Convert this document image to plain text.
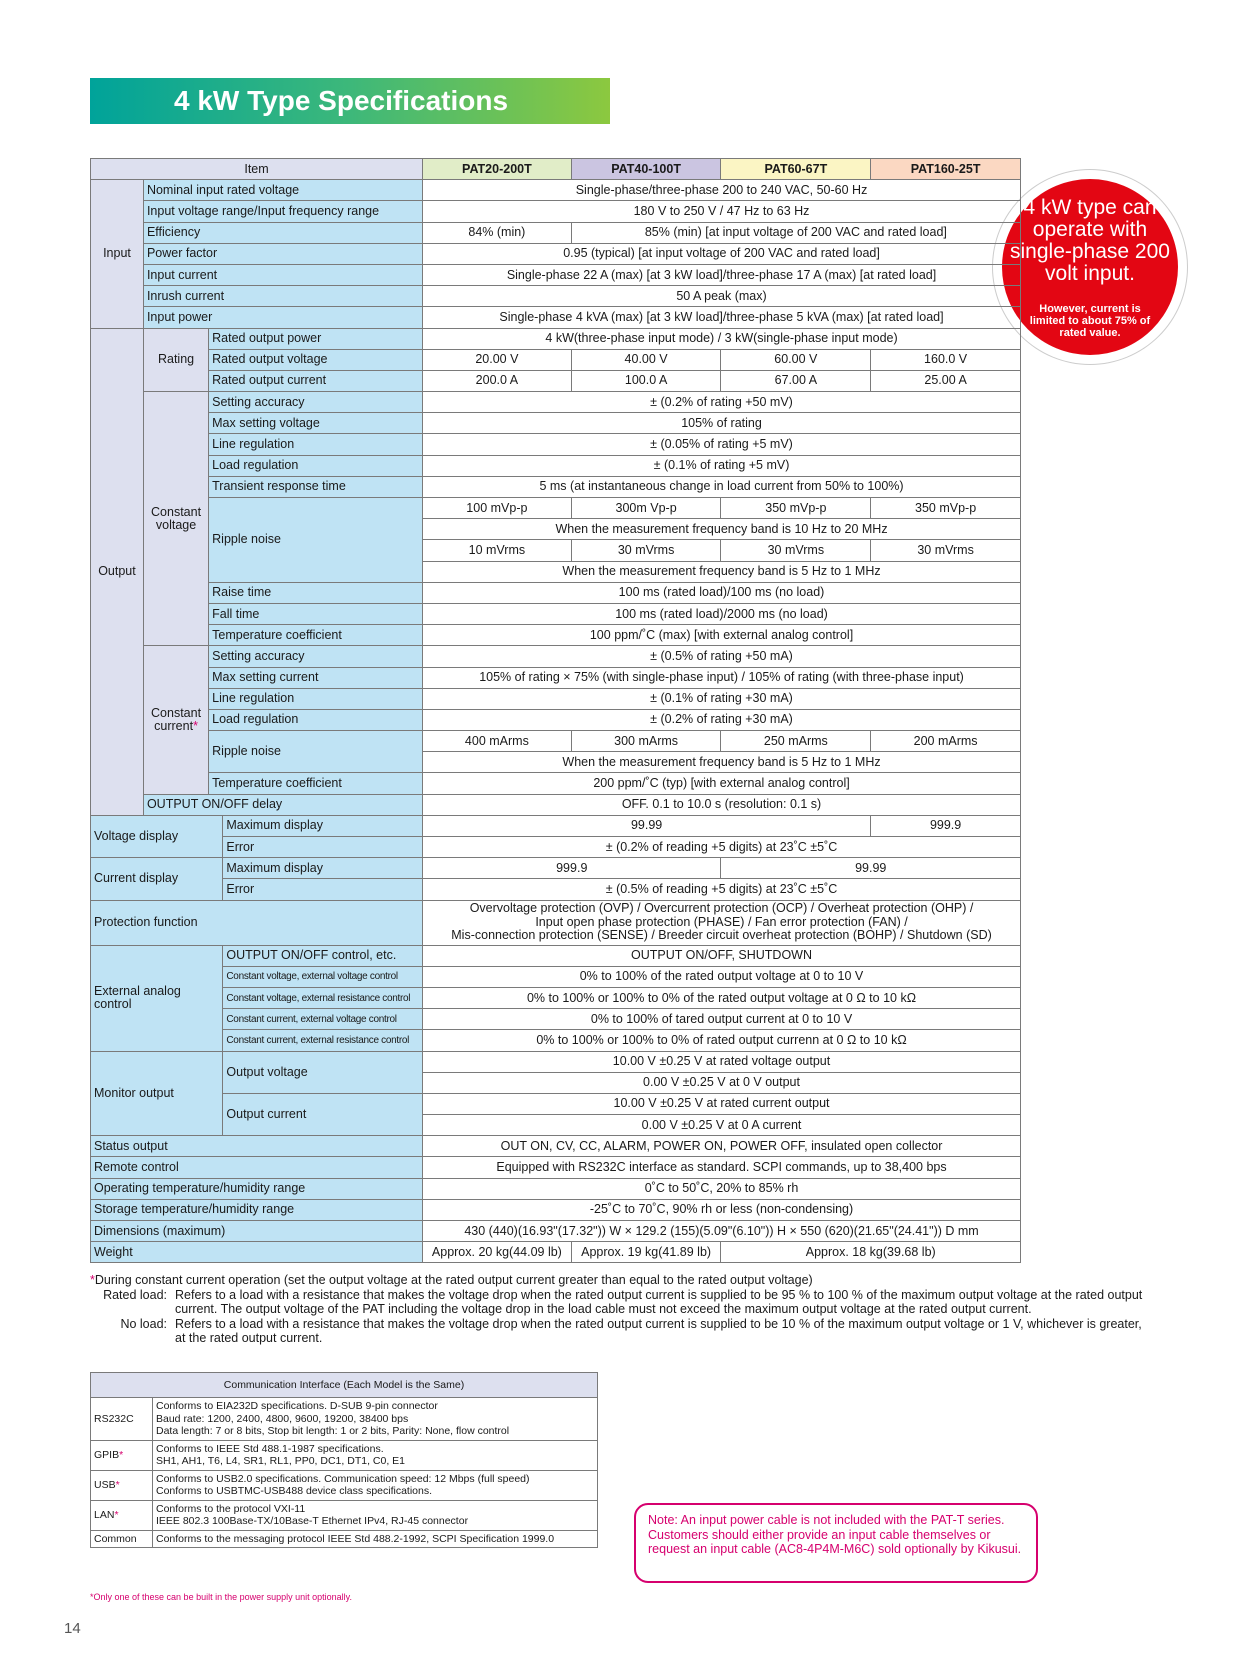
4 kW Type Specifications
4 kW type can operate with single-phase 200 volt input.
However, current is limited to about 75% of rated value.
Item				PAT20-200T	PAT40-100T	PAT60-67T	PAT160-25T
Input	Nominal input rated voltage			Single-phase/three-phase 200 to 240 VAC, 50-60 Hz			
	Input voltage range/Input frequency range			180 V to 250 V / 47 Hz to 63 Hz			
	Efficiency			84% (min)	85% (min) [at input voltage of 200 VAC and rated load]		
	Power factor			0.95 (typical) [at input voltage of 200 VAC and rated load]			
	Input current			Single-phase 22 A (max) [at 3 kW load]/three-phase 17 A (max) [at rated load]			
	Inrush current			50 A peak (max)			
	Input power			Single-phase 4 kVA (max) [at 3 kW load]/three-phase 5 kVA (max) [at rated load]			
Output	Rating	Rated output power		4 kW(three-phase input mode) / 3 kW(single-phase input mode)			
		Rated output voltage		20.00 V	40.00 V	60.00 V	160.0 V
		Rated output current		200.0 A	100.0 A	67.00 A	25.00 A
	Constant voltage	Setting accuracy		± (0.2% of rating +50 mV)			
		Max setting voltage		105% of rating			
		Line regulation		± (0.05% of rating +5 mV)			
		Load regulation		± (0.1% of rating +5 mV)			
		Transient response time		5 ms (at instantaneous change in load current from 50% to 100%)			
		Ripple noise		100 mVp-p	300m Vp-p	350 mVp-p	350 mVp-p
				When the measurement frequency band is 10 Hz to 20 MHz			
				10 mVrms	30 mVrms	30 mVrms	30 mVrms
				When the measurement frequency band is 5 Hz to 1 MHz			
		Raise time		100 ms (rated load)/100 ms (no load)			
		Fall time		100 ms (rated load)/2000 ms (no load)			
		Temperature coefficient		100 ppm/˚C (max) [with external analog control]			
	Constant current*	Setting accuracy		± (0.5% of rating +50 mA)			
		Max setting current		105% of rating × 75% (with single-phase input) / 105% of rating (with three-phase input)			
		Line regulation		± (0.1% of rating +30 mA)			
		Load regulation		± (0.2% of rating +30 mA)			
		Ripple noise		400 mArms	300 mArms	250 mArms	200 mArms
				When the measurement frequency band is 5 Hz to 1 MHz			
		Temperature coefficient		200 ppm/˚C (typ) [with external analog control]			
	OUTPUT ON/OFF delay			OFF. 0.1 to 10.0 s (resolution: 0.1 s)			
Voltage display			Maximum display	99.99			999.9
			Error	± (0.2% of reading +5 digits) at 23˚C ±5˚C			
Current display			Maximum display	999.9		99.99	
			Error	± (0.5% of reading +5 digits) at 23˚C ±5˚C			
Protection function				Overvoltage protection (OVP) / Overcurrent protection (OCP) / Overheat protection (OHP) /
Input open phase protection (PHASE) / Fan error protection (FAN) /
Mis-connection protection (SENSE) / Breeder circuit overheat protection (BOHP) / Shutdown (SD)			

External analog control			OUTPUT ON/OFF control, etc.	OUTPUT ON/OFF, SHUTDOWN			
			Constant voltage, external voltage control	0% to 100% of the rated output voltage at 0 to 10 V			
			Constant voltage, external resistance control	0% to 100% or 100% to 0% of the rated output voltage at 0 Ω to 10 kΩ			
			Constant current, external voltage control	0% to 100% of tared output current at 0 to 10 V			
			Constant current, external resistance control	0% to 100% or 100% to 0% of rated output currenn at 0 Ω to 10 kΩ			
Monitor output			Output voltage	10.00 V ±0.25 V at rated voltage output			
				0.00 V ±0.25 V at 0 V output			
			Output current	10.00 V ±0.25 V at rated current output			
				0.00 V ±0.25 V at 0 A current			
Status output				OUT ON, CV, CC, ALARM, POWER ON, POWER OFF, insulated open collector			
Remote control				Equipped with RS232C interface as standard. SCPI commands, up to 38,400 bps			
Operating temperature/humidity range				0˚C to 50˚C, 20% to 85% rh			
Storage temperature/humidity range				-25˚C to 70˚C, 90% rh or less (non-condensing)			
Dimensions (maximum)				430 (440)(16.93"(17.32")) W × 129.2 (155)(5.09"(6.10")) H × 550 (620)(21.65"(24.41")) D mm			
Weight				Approx. 20 kg(44.09 lb)	Approx. 19 kg(41.89 lb)	Approx. 18 kg(39.68 lb)	
*During constant current operation (set the output voltage at the rated output current greater than equal to the rated output voltage)
Rated load: Refers to a load with a resistance that makes the voltage drop when the rated output current is supplied to be 95 % to 100 % of the maximum output voltage at the rated output current. The output voltage of the PAT including the voltage drop in the load cable must not exceed the maximum output voltage at the rated output current.
No load: Refers to a load with a resistance that makes the voltage drop when the rated output current is supplied to be 10 % of the maximum output voltage or 1 V, whichever is greater, at the rated output current.
Communication Interface (Each Model is the Same)	
RS232C	Conforms to EIA232D specifications. D-SUB 9-pin connector
Baud rate: 1200, 2400, 4800, 9600, 19200, 38400 bps
Data length: 7 or 8 bits, Stop bit length: 1 or 2 bits, Parity: None, flow control

GPIB*	Conforms to IEEE Std 488.1-1987 specifications.
SH1, AH1, T6, L4, SR1, RL1, PP0, DC1, DT1, C0, E1

USB*	Conforms to USB2.0 specifications. Communication speed: 12 Mbps (full speed)
Conforms to USBTMC-USB488 device class specifications.

LAN*	Conforms to the protocol VXI-11
IEEE 802.3 100Base-TX/10Base-T Ethernet IPv4, RJ-45 connector

Common	Conforms to the messaging protocol IEEE Std 488.2-1992, SCPI Specification 1999.0
*Only one of these can be built in the power supply unit optionally.
Note: An input power cable is not included with the PAT-T series. Customers should either provide an input cable themselves or request an input cable (AC8-4P4M-M6C) sold optionally by Kikusui.
14
